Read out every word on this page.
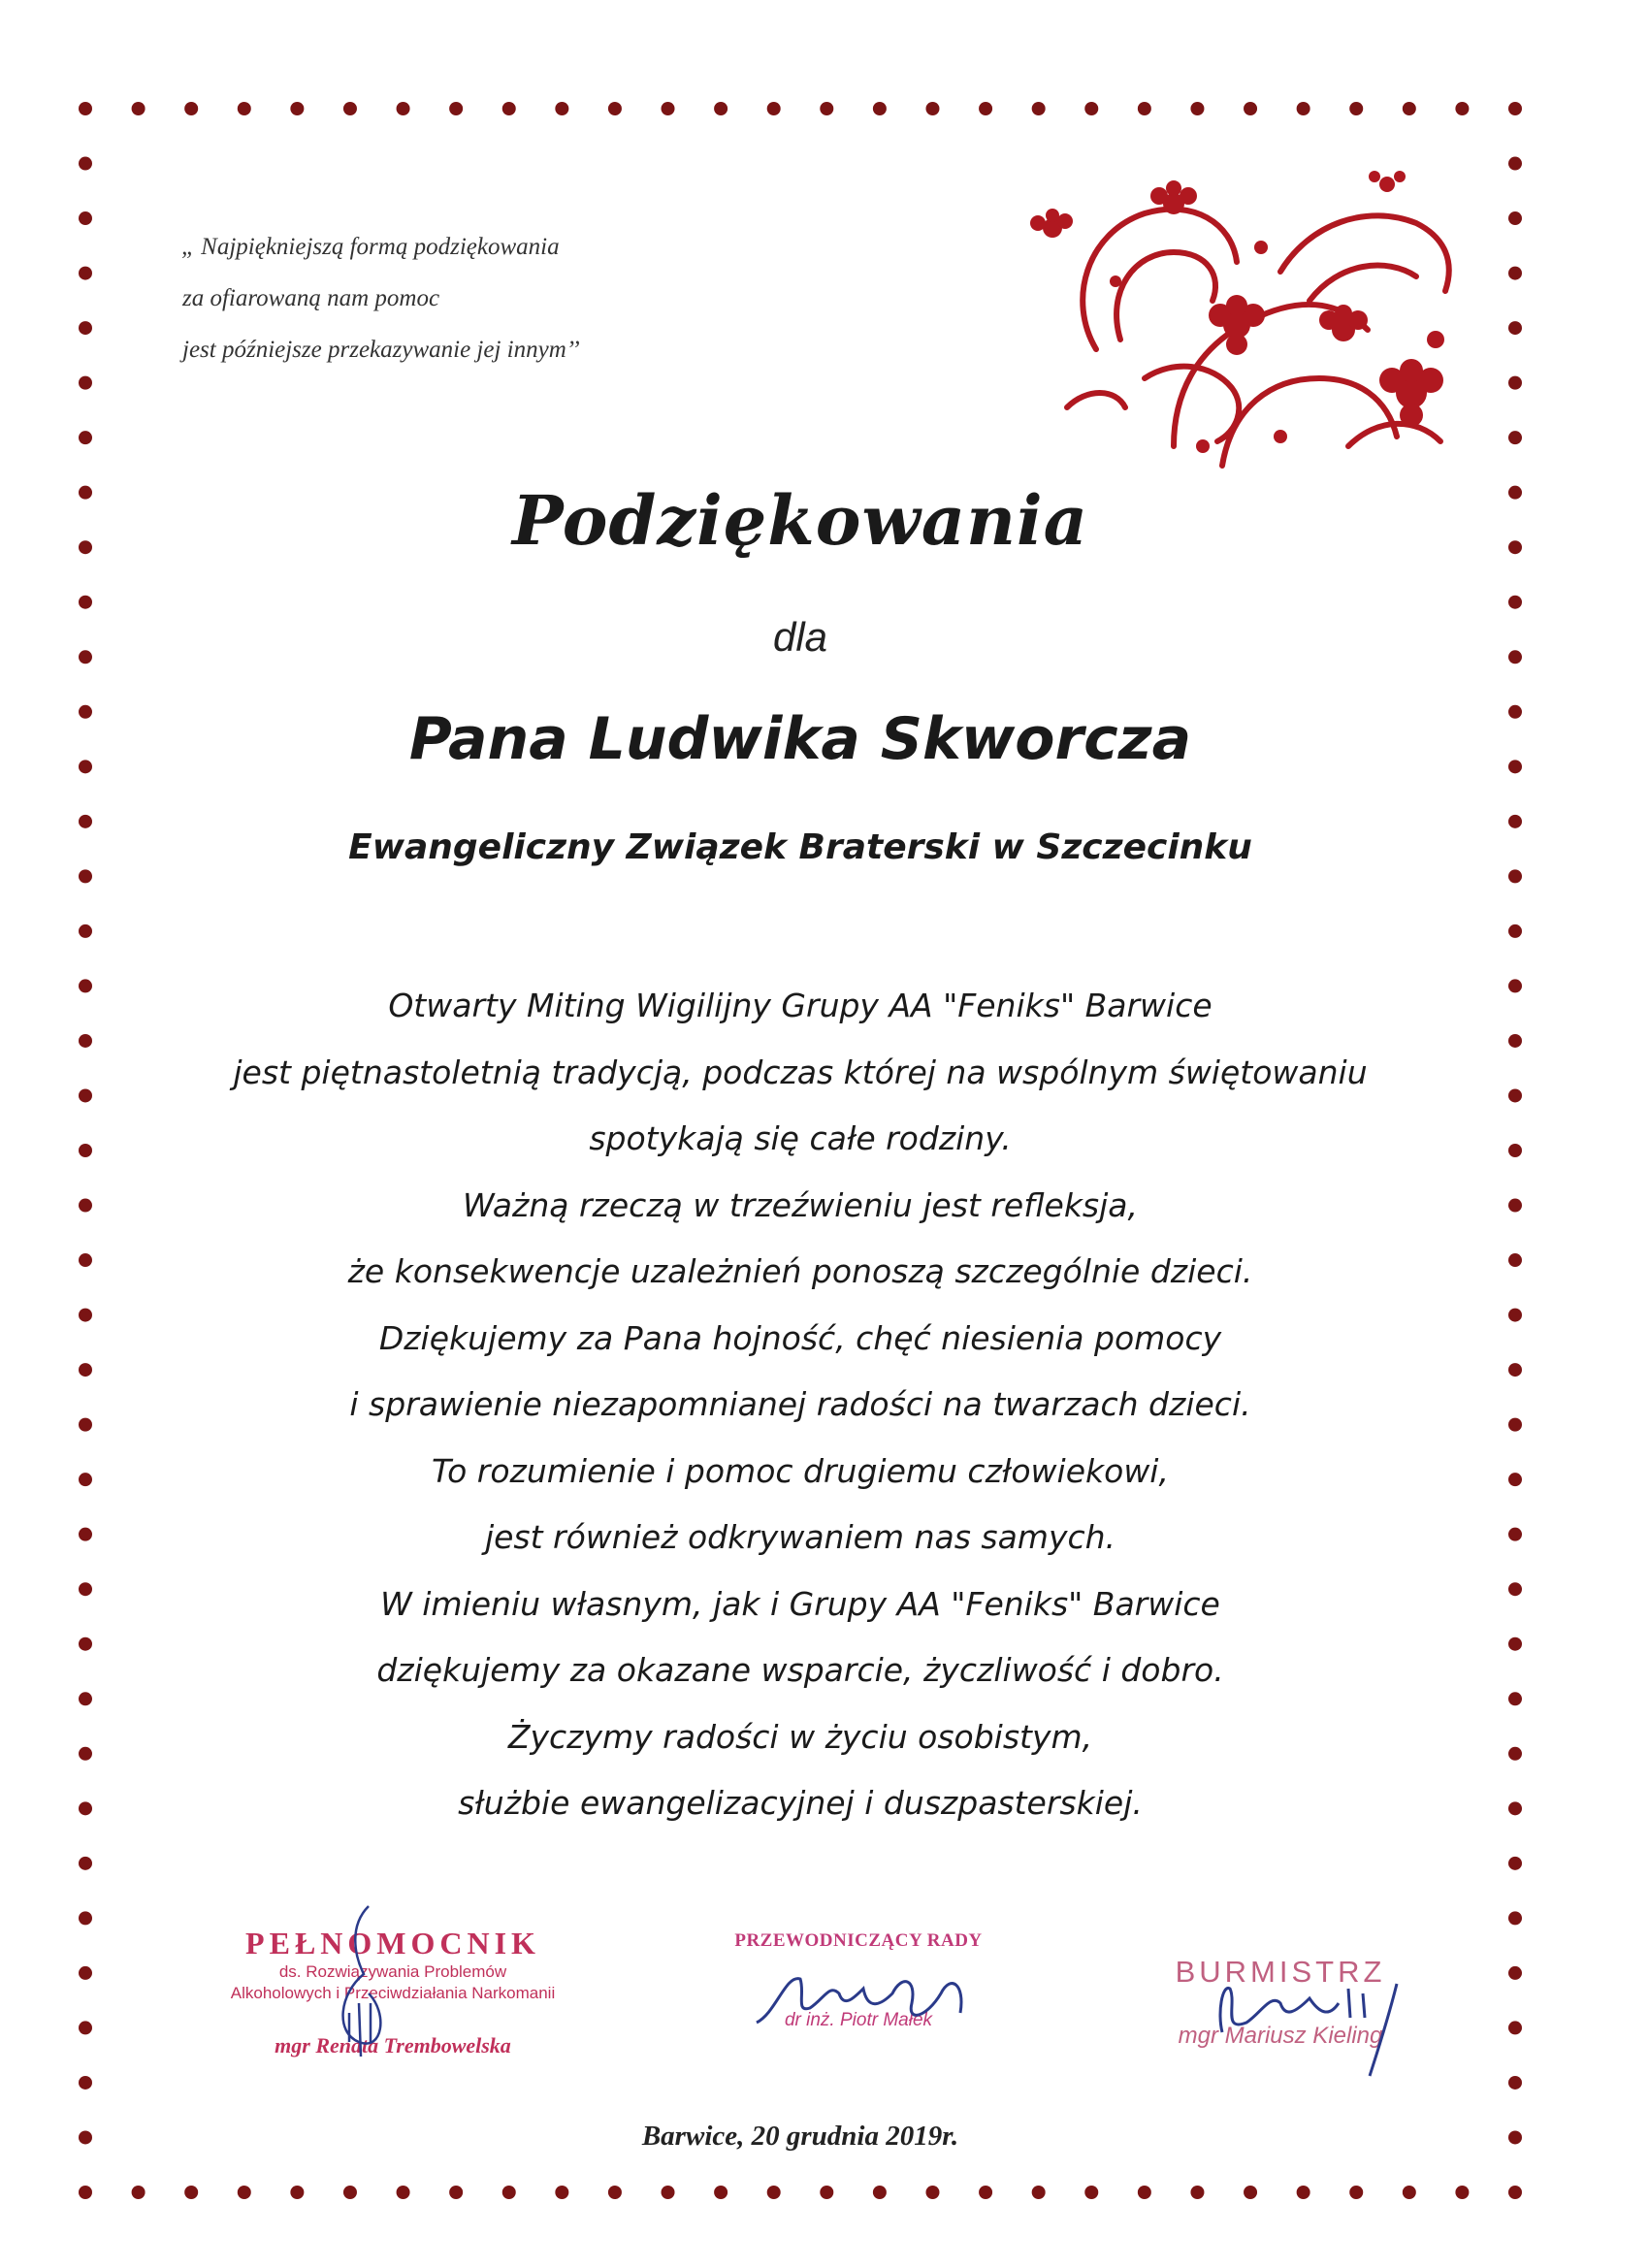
„ Najpiękniejszą formą podziękowania
za ofiarowaną nam pomoc
jest późniejsze przekazywanie jej innym’’
Podziękowania
dla
Pana Ludwika Skworcza
Ewangeliczny Związek Braterski w Szczecinku
Otwarty Miting Wigilijny Grupy AA "Feniks" Barwice
jest piętnastoletnią tradycją, podczas której na wspólnym świętowaniu
spotykają się całe rodziny.
Ważną rzeczą w trzeźwieniu jest refleksja,
że konsekwencje uzależnień ponoszą szczególnie dzieci.
Dziękujemy za Pana hojność, chęć niesienia pomocy
i sprawienie niezapomnianej radości na twarzach dzieci.
To rozumienie i pomoc drugiemu człowiekowi,
jest również odkrywaniem nas samych.
W imieniu własnym, jak i Grupy AA "Feniks" Barwice
dziękujemy za okazane wsparcie, życzliwość i dobro.
Życzymy radości w życiu osobistym,
służbie ewangelizacyjnej i duszpasterskiej.
PEŁNOMOCNIK
ds. Rozwiązywania Problemów
Alkoholowych i Przeciwdziałania Narkomanii
mgr Renata Trembowelska
PRZEWODNICZĄCY RADY
dr inż. Piotr Małek
BURMISTRZ
mgr Mariusz Kieling
Barwice, 20 grudnia 2019r.
